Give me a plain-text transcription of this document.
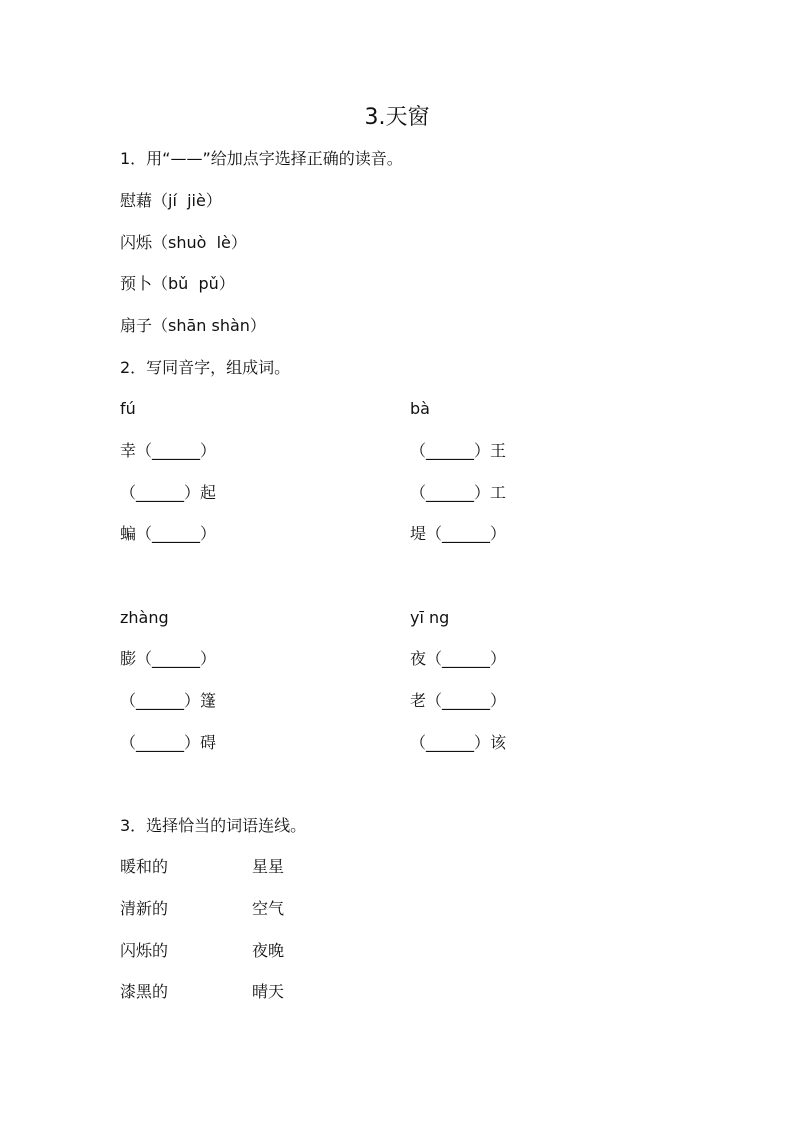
3.天窗
1．用“——”给加点字选择正确的读音。
慰藉（jí  jiè）
闪烁（shuò  lè）
预卜（bǔ  pǔ）
扇子（shān shàn）
2．写同音字，组成词。
fú
幸（______）
（______）起
蝙（______）
bà
（______）王
（______）工
堤（______）
zhàng
膨（______）
（______）篷
（______）碍
yī ng
夜（______）
老（______）
（______）该
3．选择恰当的词语连线。
暖和的
清新的
闪烁的
漆黑的
星星
空气
夜晚
晴天
